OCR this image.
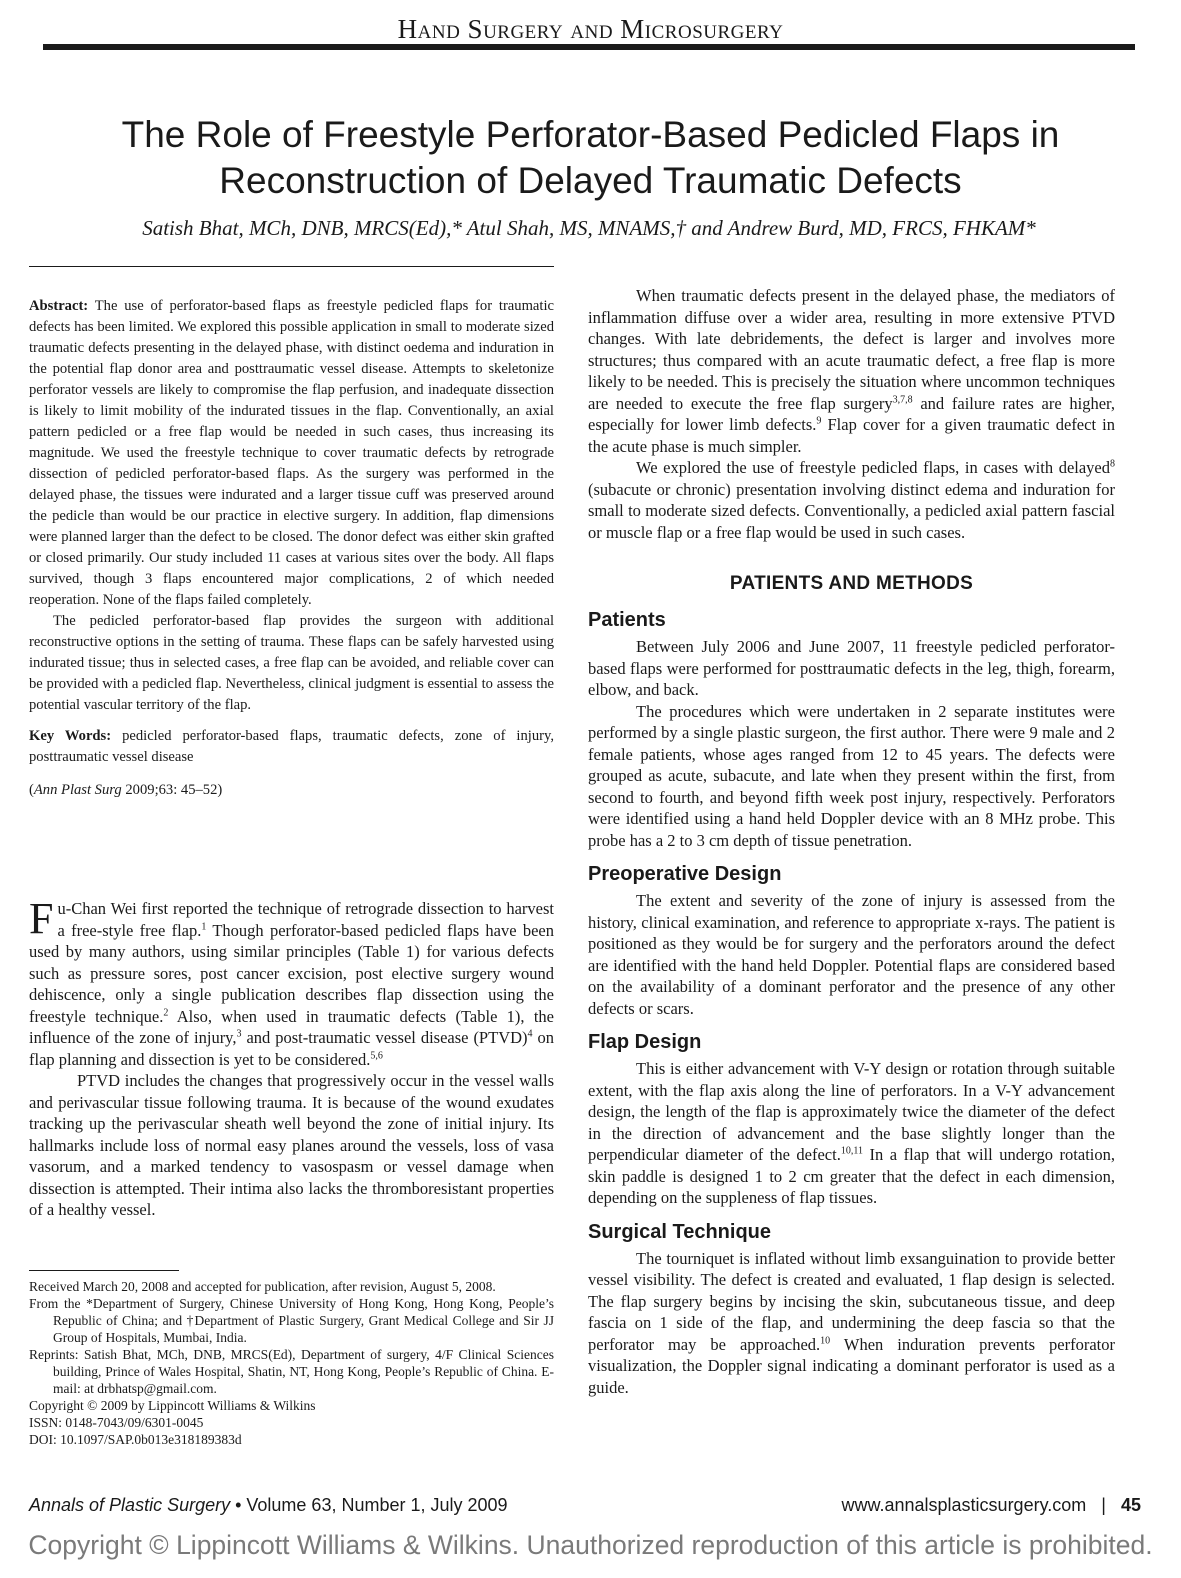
Hand Surgery and Microsurgery
The Role of Freestyle Perforator-Based Pedicled Flaps in
Reconstruction of Delayed Traumatic Defects
Satish Bhat, MCh, DNB, MRCS(Ed),* Atul Shah, MS, MNAMS,† and Andrew Burd, MD, FRCS, FHKAM*

Abstract: The use of perforator-based flaps as freestyle pedicled flaps for traumatic defects has been limited. We explored this possible application in small to moderate sized traumatic defects presenting in the delayed phase, with distinct oedema and induration in the potential flap donor area and posttraumatic vessel disease. Attempts to skeletonize perforator vessels are likely to compromise the flap perfusion, and inadequate dissection is likely to limit mobility of the indurated tissues in the flap. Conventionally, an axial pattern pedicled or a free flap would be needed in such cases, thus increasing its magnitude. We used the freestyle technique to cover traumatic defects by retrograde dissection of pedicled perforator-based flaps. As the surgery was performed in the delayed phase, the tissues were indurated and a larger tissue cuff was preserved around the pedicle than would be our practice in elective surgery. In addition, flap dimensions were planned larger than the defect to be closed. The donor defect was either skin grafted or closed primarily. Our study included 11 cases at various sites over the body. All flaps survived, though 3 flaps encountered major complications, 2 of which needed reoperation. None of the flaps failed completely.

The pedicled perforator-based flap provides the surgeon with additional reconstructive options in the setting of trauma. These flaps can be safely harvested using indurated tissue; thus in selected cases, a free flap can be avoided, and reliable cover can be provided with a pedicled flap. Nevertheless, clinical judgment is essential to assess the potential vascular territory of the flap.

Key Words: pedicled perforator-based flaps, traumatic defects, zone of injury, posttraumatic vessel disease

(Ann Plast Surg 2009;63: 45–52)

Fu-Chan Wei first reported the technique of retrograde dissection to harvest a free-style free flap.$^1$ Though perforator-based pedicled flaps have been used by many authors, using similar principles (Table 1) for various defects such as pressure sores, post cancer excision, post elective surgery wound dehiscence, only a single publication describes flap dissection using the freestyle technique.$^2$ Also, when used in traumatic defects (Table 1), the influence of the zone of injury,$^3$ and post-traumatic vessel disease (PTVD)$^4$ on flap planning and dissection is yet to be considered.$^{5,6}$

PTVD includes the changes that progressively occur in the vessel walls and perivascular tissue following trauma. It is because of the wound exudates tracking up the perivascular sheath well beyond the zone of initial injury. Its hallmarks include loss of normal easy planes around the vessels, loss of vasa vasorum, and a marked tendency to vasospasm or vessel damage when dissection is attempted. Their intima also lacks the thromboresistant properties of a healthy vessel.

Received March 20, 2008 and accepted for publication, after revision, August 5, 2008.

From the *Department of Surgery, Chinese University of Hong Kong, Hong Kong, People’s Republic of China; and †Department of Plastic Surgery, Grant Medical College and Sir JJ Group of Hospitals, Mumbai, India.

Reprints: Satish Bhat, MCh, DNB, MRCS(Ed), Department of surgery, 4/F Clinical Sciences building, Prince of Wales Hospital, Shatin, NT, Hong Kong, People’s Republic of China. E-mail: at drbhatsp@gmail.com.

Copyright © 2009 by Lippincott Williams & Wilkins

ISSN: 0148-7043/09/6301-0045

DOI: 10.1097/SAP.0b013e318189383d

When traumatic defects present in the delayed phase, the mediators of inflammation diffuse over a wider area, resulting in more extensive PTVD changes. With late debridements, the defect is larger and involves more structures; thus compared with an acute traumatic defect, a free flap is more likely to be needed. This is precisely the situation where uncommon techniques are needed to execute the free flap surgery$^{3,7,8}$ and failure rates are higher, especially for lower limb defects.$^9$ Flap cover for a given traumatic defect in the acute phase is much simpler.

We explored the use of freestyle pedicled flaps, in cases with delayed$^8$ (subacute or chronic) presentation involving distinct edema and induration for small to moderate sized defects. Conventionally, a pedicled axial pattern fascial or muscle flap or a free flap would be used in such cases.

PATIENTS AND METHODS
Patients

Between July 2006 and June 2007, 11 freestyle pedicled perforator-based flaps were performed for posttraumatic defects in the leg, thigh, forearm, elbow, and back.

The procedures which were undertaken in 2 separate institutes were performed by a single plastic surgeon, the first author. There were 9 male and 2 female patients, whose ages ranged from 12 to 45 years. The defects were grouped as acute, subacute, and late when they present within the first, from second to fourth, and beyond fifth week post injury, respectively. Perforators were identified using a hand held Doppler device with an 8 MHz probe. This probe has a 2 to 3 cm depth of tissue penetration.

Preoperative Design

The extent and severity of the zone of injury is assessed from the history, clinical examination, and reference to appropriate x-rays. The patient is positioned as they would be for surgery and the perforators around the defect are identified with the hand held Doppler. Potential flaps are considered based on the availability of a dominant perforator and the presence of any other defects or scars.

Flap Design

This is either advancement with V-Y design or rotation through suitable extent, with the flap axis along the line of perforators. In a V-Y advancement design, the length of the flap is approximately twice the diameter of the defect in the direction of advancement and the base slightly longer than the perpendicular diameter of the defect.$^{10,11}$ In a flap that will undergo rotation, skin paddle is designed 1 to 2 cm greater that the defect in each dimension, depending on the suppleness of flap tissues.

Surgical Technique

The tourniquet is inflated without limb exsanguination to provide better vessel visibility. The defect is created and evaluated, 1 flap design is selected. The flap surgery begins by incising the skin, subcutaneous tissue, and deep fascia on 1 side of the flap, and undermining the deep fascia so that the perforator may be approached.$^{10}$ When induration prevents perforator visualization, the Doppler signal indicating a dominant perforator is used as a guide.

Annals of Plastic Surgery • Volume 63, Number 1, July 2009	www.annalsplasticsurgery.com | 45
Copyright © Lippincott Williams & Wilkins. Unauthorized reproduction of this article is prohibited.
